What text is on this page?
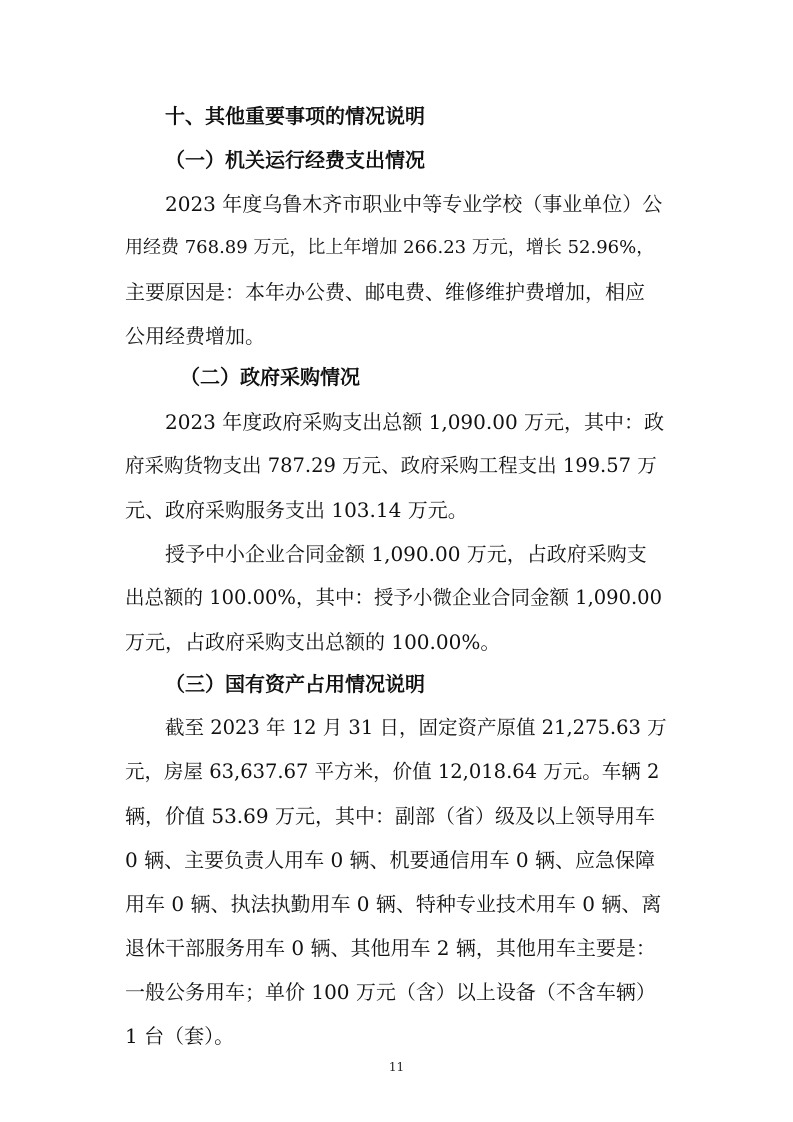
十、其他重要事项的情况说明
（一）机关运行经费支出情况
2023 年度乌鲁木齐市职业中等专业学校（事业单位）公
用经费 768.89 万元，比上年增加 266.23 万元，增长 52.96%，
主要原因是：本年办公费、邮电费、维修维护费增加，相应
公用经费增加。
（二）政府采购情况
2023 年度政府采购支出总额 1,090.00 万元，其中：政
府采购货物支出 787.29 万元、政府采购工程支出 199.57 万
元、政府采购服务支出 103.14 万元。
授予中小企业合同金额 1,090.00 万元，占政府采购支
出总额的 100.00%，其中：授予小微企业合同金额 1,090.00
万元，占政府采购支出总额的 100.00%。
（三）国有资产占用情况说明
截至 2023 年 12 月 31 日，固定资产原值 21,275.63 万
元，房屋 63,637.67 平方米，价值 12,018.64 万元。车辆 2
辆，价值 53.69 万元，其中：副部（省）级及以上领导用车
0 辆、主要负责人用车 0 辆、机要通信用车 0 辆、应急保障
用车 0 辆、执法执勤用车 0 辆、特种专业技术用车 0 辆、离
退休干部服务用车 0 辆、其他用车 2 辆，其他用车主要是：
一般公务用车；单价 100 万元（含）以上设备（不含车辆）
1 台（套）。
11
